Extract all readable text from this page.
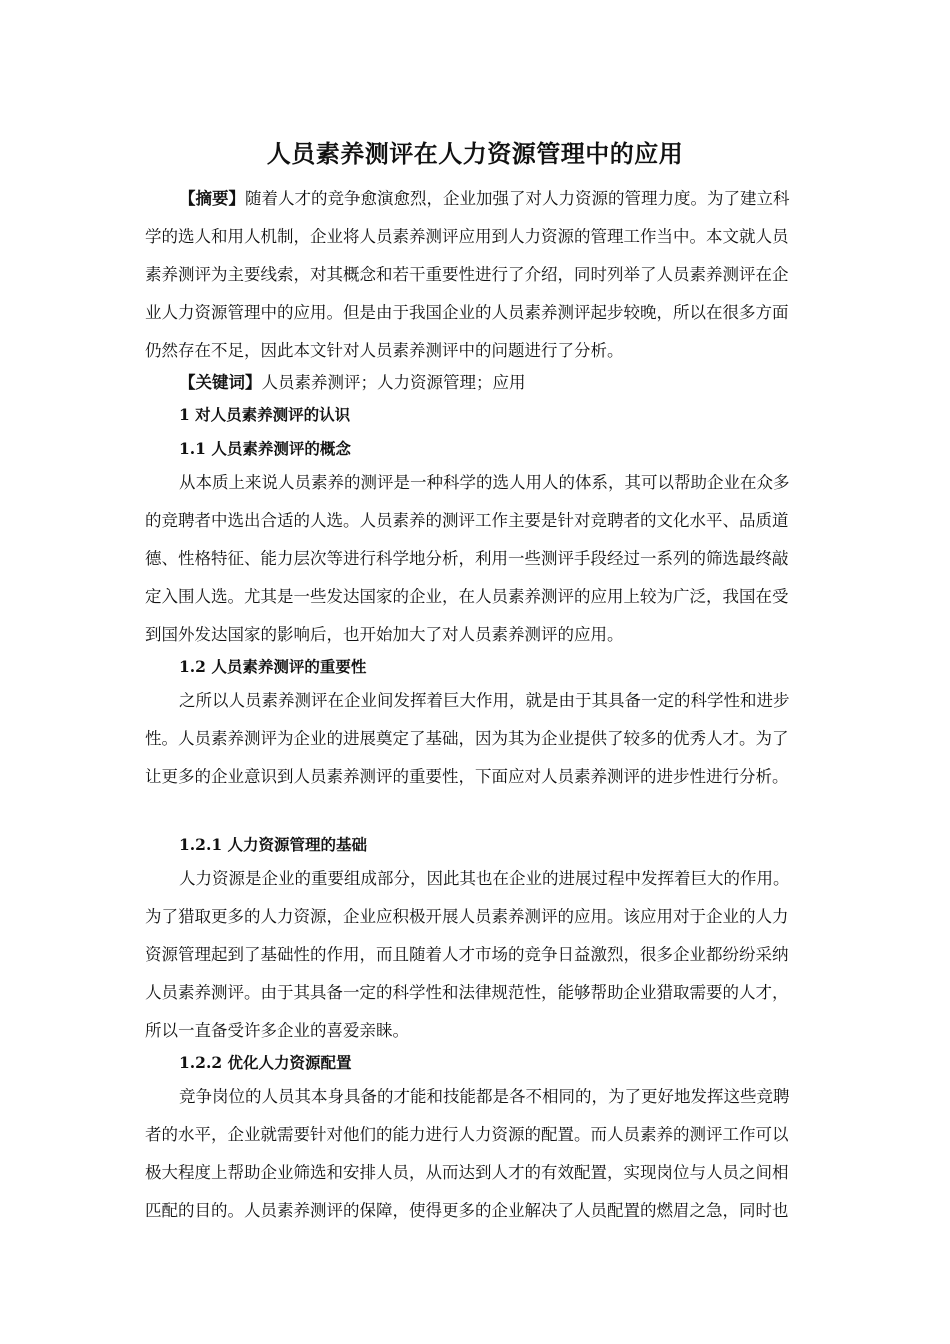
人员素养测评在人力资源管理中的应用
【摘要】随着人才的竞争愈演愈烈，企业加强了对人力资源的管理力度。为了建立科
学的选人和用人机制，企业将人员素养测评应用到人力资源的管理工作当中。本文就人员
素养测评为主要线索，对其概念和若干重要性进行了介绍，同时列举了人员素养测评在企
业人力资源管理中的应用。但是由于我国企业的人员素养测评起步较晚，所以在很多方面
仍然存在不足，因此本文针对人员素养测评中的问题进行了分析。
【关键词】人员素养测评；人力资源管理；应用
1 对人员素养测评的认识
1.1 人员素养测评的概念
从本质上来说人员素养的测评是一种科学的选人用人的体系，其可以帮助企业在众多
的竞聘者中选出合适的人选。人员素养的测评工作主要是针对竞聘者的文化水平、品质道
德、性格特征、能力层次等进行科学地分析，利用一些测评手段经过一系列的筛选最终敲
定入围人选。尤其是一些发达国家的企业，在人员素养测评的应用上较为广泛，我国在受
到国外发达国家的影响后，也开始加大了对人员素养测评的应用。
1.2 人员素养测评的重要性
之所以人员素养测评在企业间发挥着巨大作用，就是由于其具备一定的科学性和进步
性。人员素养测评为企业的进展奠定了基础，因为其为企业提供了较多的优秀人才。为了
让更多的企业意识到人员素养测评的重要性，下面应对人员素养测评的进步性进行分析。
1.2.1 人力资源管理的基础
人力资源是企业的重要组成部分，因此其也在企业的进展过程中发挥着巨大的作用。
为了猎取更多的人力资源，企业应积极开展人员素养测评的应用。该应用对于企业的人力
资源管理起到了基础性的作用，而且随着人才市场的竞争日益激烈，很多企业都纷纷采纳
人员素养测评。由于其具备一定的科学性和法律规范性，能够帮助企业猎取需要的人才，
所以一直备受许多企业的喜爱亲睐。
1.2.2 优化人力资源配置
竞争岗位的人员其本身具备的才能和技能都是各不相同的，为了更好地发挥这些竞聘
者的水平，企业就需要针对他们的能力进行人力资源的配置。而人员素养的测评工作可以
极大程度上帮助企业筛选和安排人员，从而达到人才的有效配置，实现岗位与人员之间相
匹配的目的。人员素养测评的保障，使得更多的企业解决了人员配置的燃眉之急，同时也
